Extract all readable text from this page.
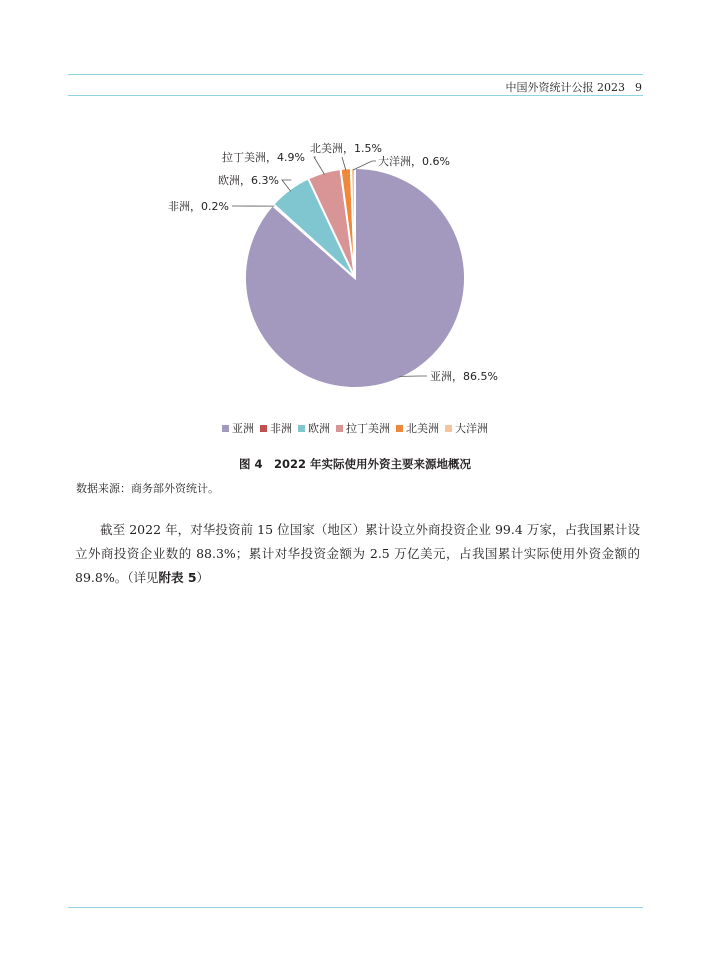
中国外资统计公报 2023 9
亚洲，86.5%
非洲，0.2%
欧洲，6.3%
拉丁美洲，4.9%
北美洲，1.5%
大洋洲，0.6%
亚洲 非洲 欧洲 拉丁美洲 北美洲 大洋洲
图 4　2022 年实际使用外资主要来源地概况
数据来源：商务部外资统计。

截至 2022 年，对华投资前 15 位国家（地区）累计设立外商投资企业 99.4 万家，占我国累计设立外商投资企业数的 88.3%；累计对华投资金额为 2.5 万亿美元，占我国累计实际使用外资金额的 89.8%。（详见附表 5）
